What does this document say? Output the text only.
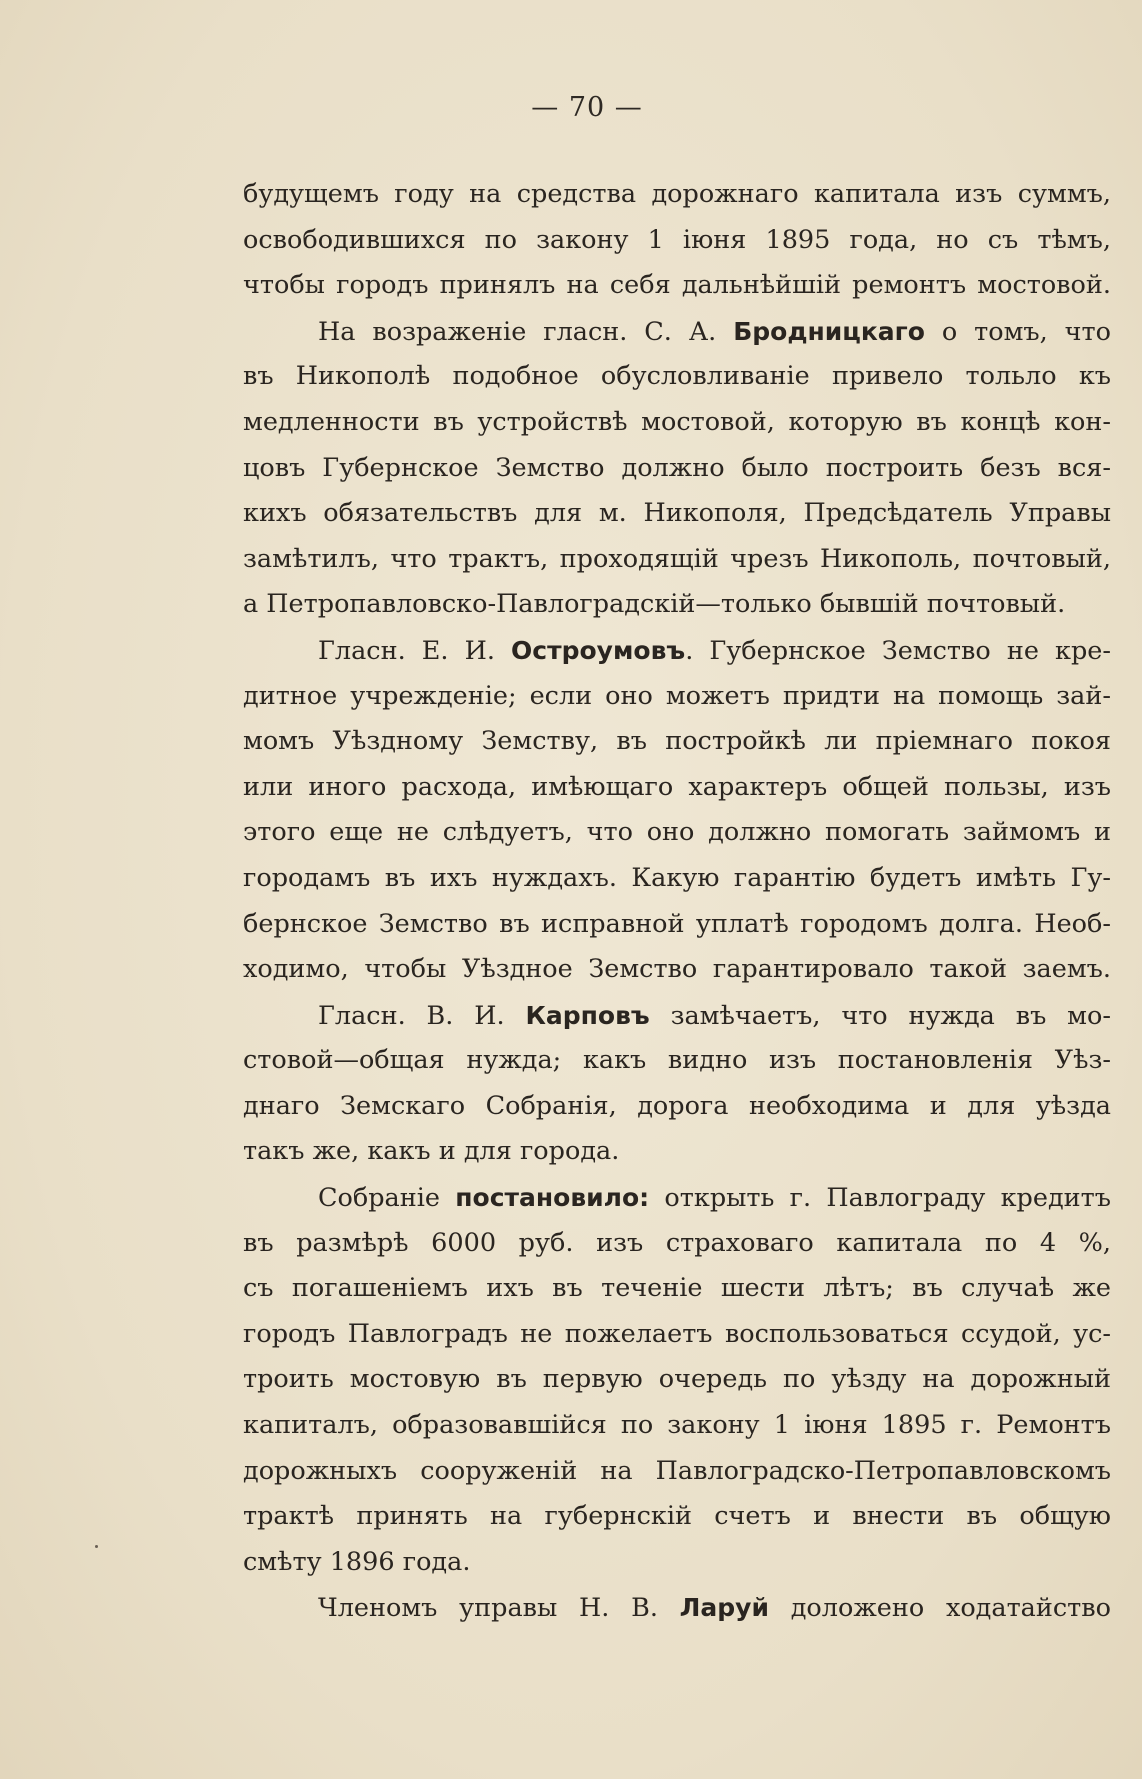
— 70 —
будущемъ году на средства дорожнаго капитала изъ суммъ,
освободившихся по закону 1 іюня 1895 года, но съ тѣмъ,
чтобы городъ принялъ на себя дальнѣйшій ремонтъ мостовой.
На возраженіе гласн. С. А. Бродницкаго о томъ, что
въ Никополѣ подобное обусловливаніе привело тольло къ
медленности въ устройствѣ мостовой, которую въ концѣ кон-
цовъ Губернское Земство должно было построить безъ вся-
кихъ обязательствъ для м. Никополя, Предсѣдатель Управы
замѣтилъ, что трактъ, проходящій чрезъ Никополь, почтовый,
а Петропавловско-Павлоградскій—только бывшій почтовый.
Гласн. Е. И. Остроумовъ. Губернское Земство не кре-
дитное учрежденіе; если оно можетъ придти на помощь зай-
момъ Уѣздному Земству, въ постройкѣ ли пріемнаго покоя
или иного расхода, имѣющаго характеръ общей пользы, изъ
этого еще не слѣдуетъ, что оно должно помогать займомъ и
городамъ въ ихъ нуждахъ. Какую гарантію будетъ имѣть Гу-
бернское Земство въ исправной уплатѣ городомъ долга. Необ-
ходимо, чтобы Уѣздное Земство гарантировало такой заемъ.
Гласн. В. И. Карповъ замѣчаетъ, что нужда въ мо-
стовой—общая нужда; какъ видно изъ постановленія Уѣз-
днаго Земскаго Собранія, дорога необходима и для уѣзда
такъ же, какъ и для города.
Собраніе постановило: открыть г. Павлограду кредитъ
въ размѣрѣ 6000 руб. изъ страховаго капитала по 4 %,
съ погашеніемъ ихъ въ теченіе шести лѣтъ; въ случаѣ же
городъ Павлоградъ не пожелаетъ воспользоваться ссудой, ус-
троить мостовую въ первую очередь по уѣзду на дорожный
капиталъ, образовавшійся по закону 1 іюня 1895 г. Ремонтъ
дорожныхъ сооруженій на Павлоградско-Петропавловскомъ
трактѣ принять на губернскій счетъ и внести въ общую
смѣту 1896 года.
Членомъ управы Н. В. Ларуй доложено ходатайство
